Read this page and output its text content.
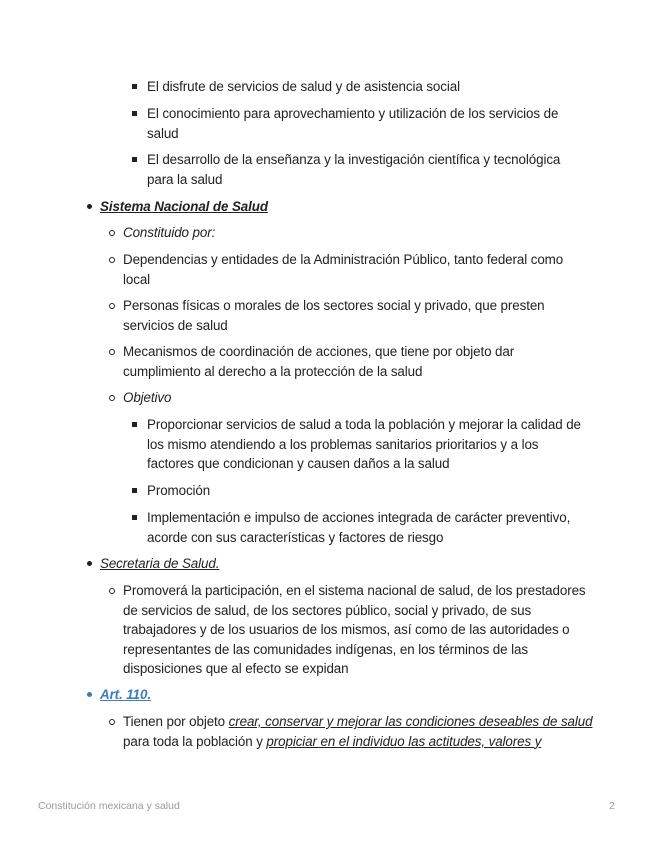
El disfrute de servicios de salud y de asistencia social

El conocimiento para aprovechamiento y utilización de los servicios de salud

El desarrollo de la enseñanza y la investigación científica y tecnológica para la salud

Sistema Nacional de Salud

Constituido por:

Dependencias y entidades de la Administración Público, tanto federal como local

Personas físicas o morales de los sectores social y privado, que presten servicios de salud

Mecanismos de coordinación de acciones, que tiene por objeto dar cumplimiento al derecho a la protección de la salud

Objetivo

Proporcionar servicios de salud a toda la población y mejorar la calidad de los mismo atendiendo a los problemas sanitarios prioritarios y a los factores que condicionan y causen daños a la salud

Promoción

Implementación e impulso de acciones integrada de carácter preventivo, acorde con sus características y factores de riesgo

Secretaria de Salud.

Promoverá la participación, en el sistema nacional de salud, de los prestadores de servicios de salud, de los sectores público, social y privado, de sus trabajadores y de los usuarios de los mismos, así como de las autoridades o representantes de las comunidades indígenas, en los términos de las disposiciones que al efecto se expidan

Art. 110.

Tienen por objeto crear, conservar y mejorar las condiciones deseables de salud para toda la población y propiciar en el individuo las actitudes, valores y

Constitución mexicana y salud	2
